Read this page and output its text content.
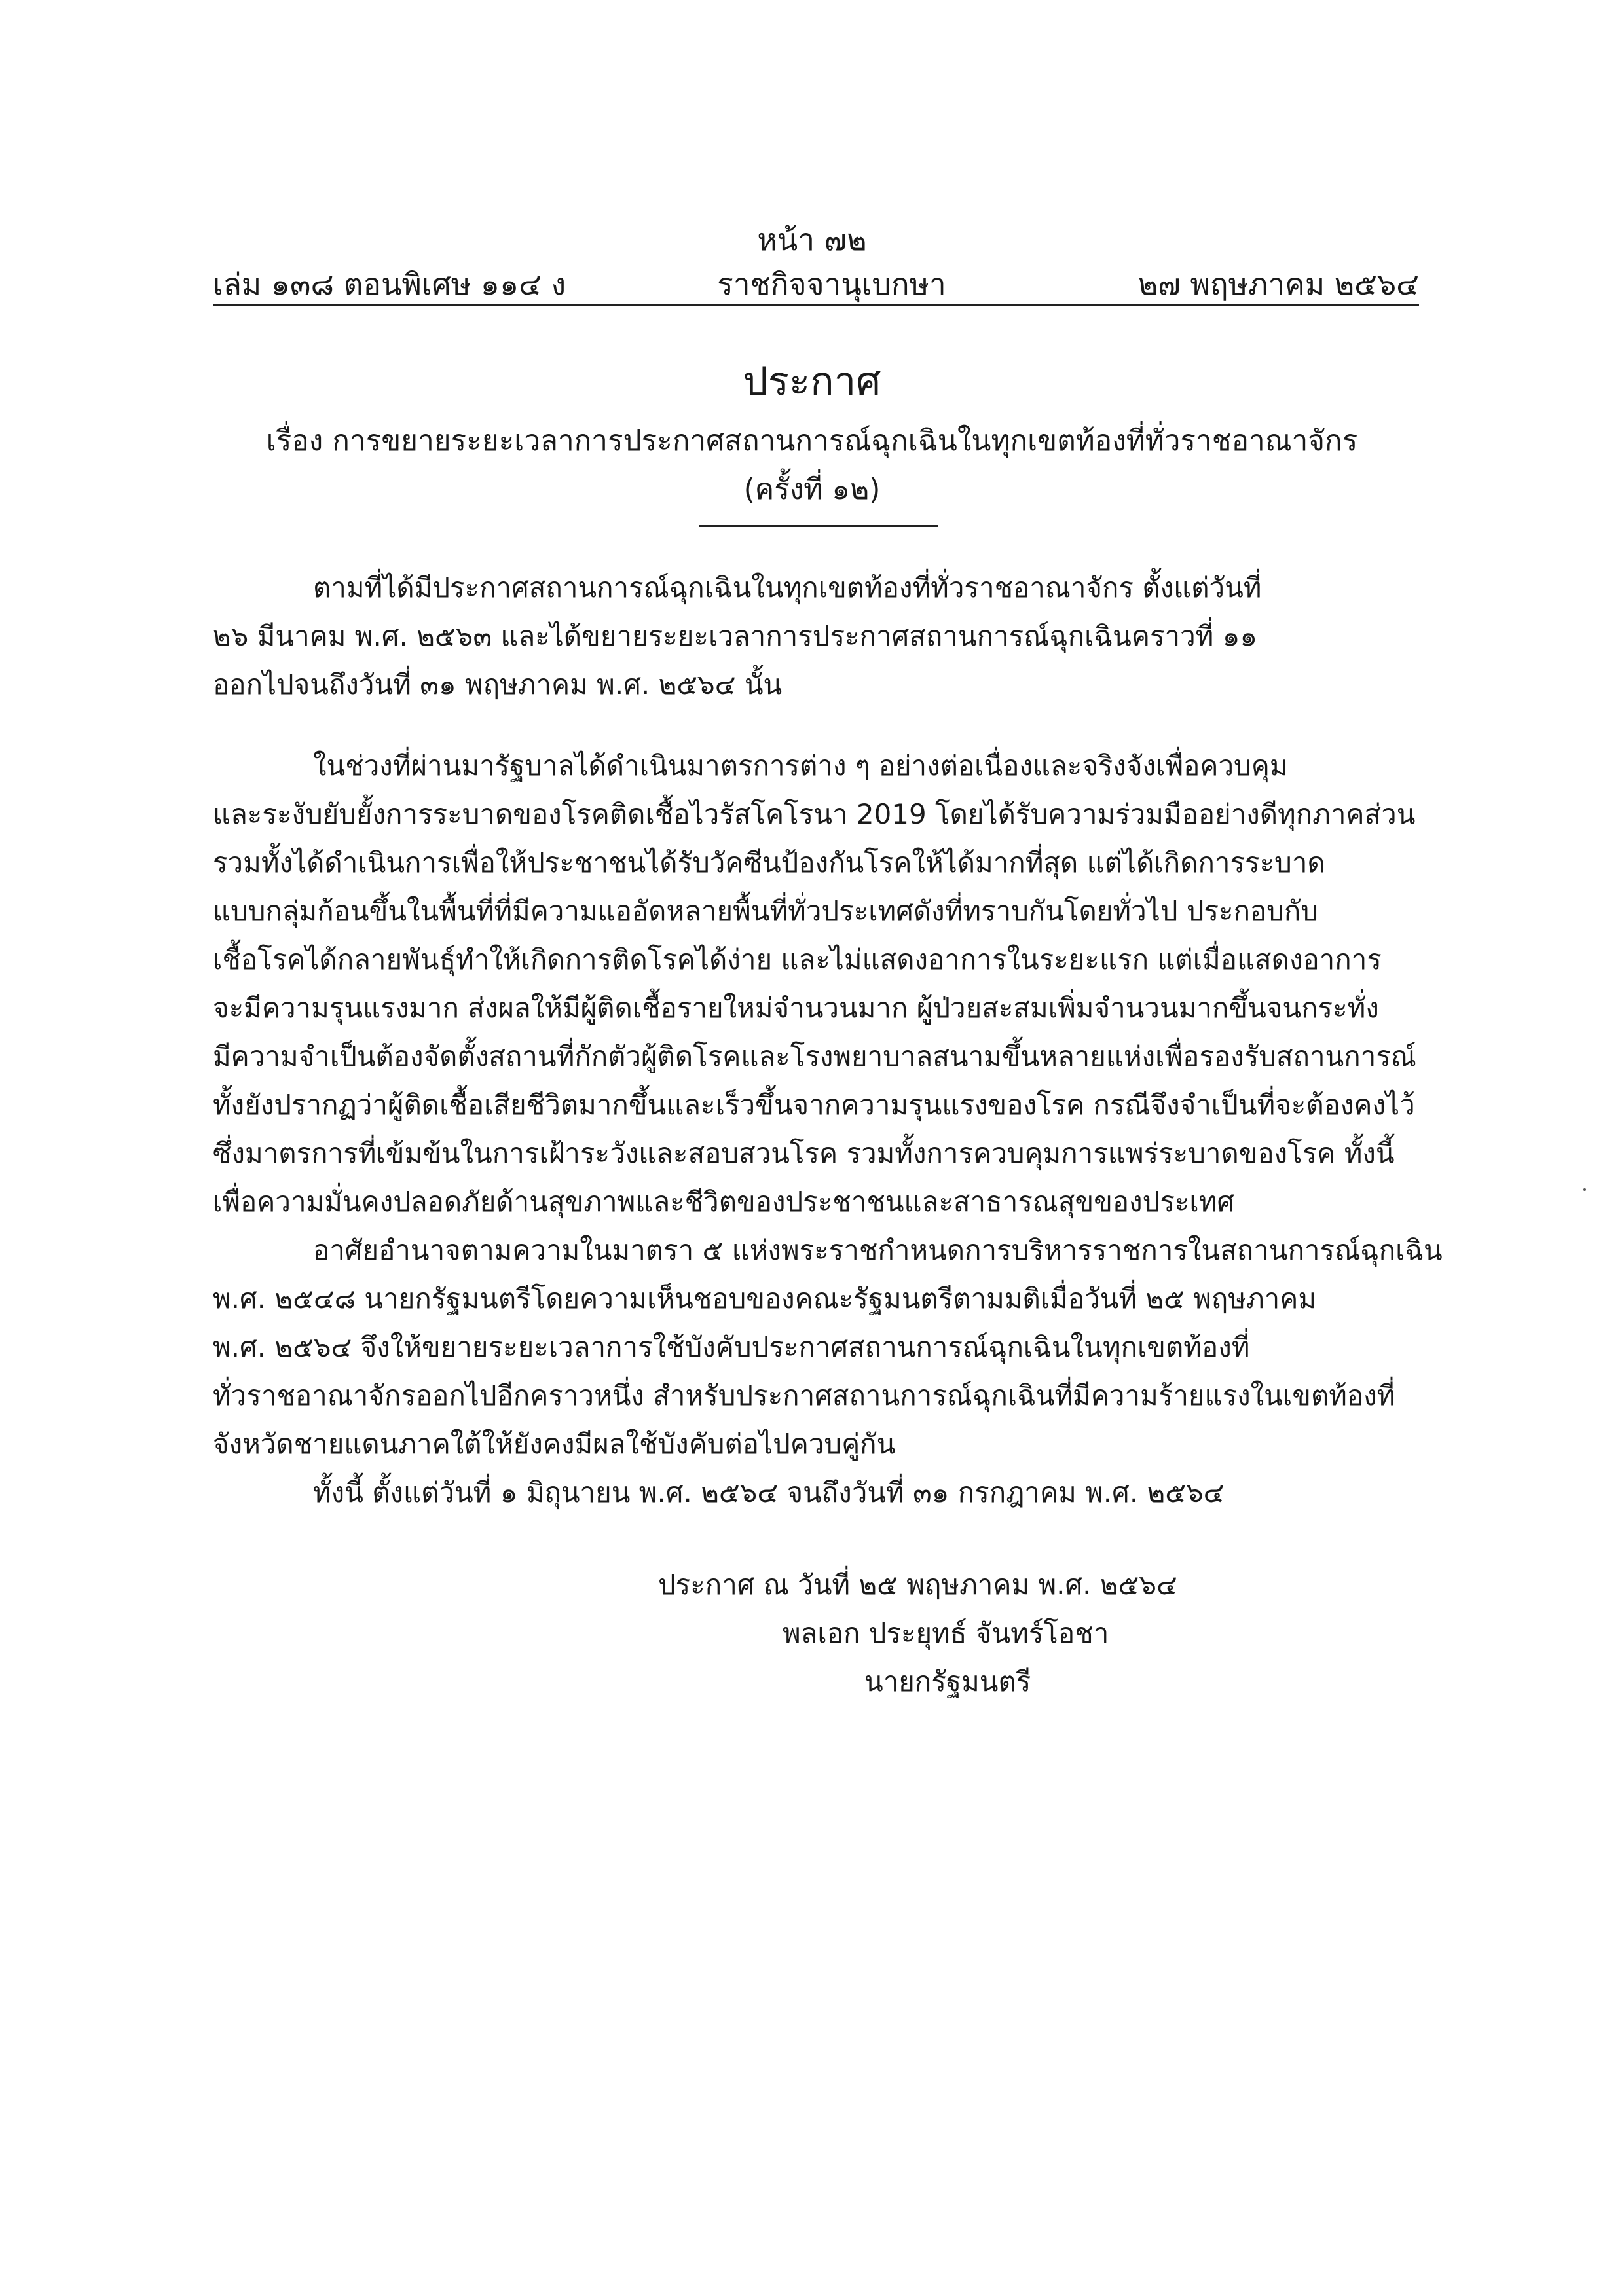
หน้า ๗๒
เล่ม ๑๓๘ ตอนพิเศษ ๑๑๔ ง	ราชกิจจานุเบกษา	๒๗ พฤษภาคม ๒๕๖๔
ประกาศ
เรื่อง การขยายระยะเวลาการประกาศสถานการณ์ฉุกเฉินในทุกเขตท้องที่ทั่วราชอาณาจักร
(ครั้งที่ ๑๒)
ตามที่ได้มีประกาศสถานการณ์ฉุกเฉินในทุกเขตท้องที่ทั่วราชอาณาจักร ตั้งแต่วันที่
๒๖ มีนาคม พ.ศ. ๒๕๖๓ และได้ขยายระยะเวลาการประกาศสถานการณ์ฉุกเฉินคราวที่ ๑๑
ออกไปจนถึงวันที่ ๓๑ พฤษภาคม พ.ศ. ๒๕๖๔ นั้น
ในช่วงที่ผ่านมารัฐบาลได้ดำเนินมาตรการต่าง ๆ อย่างต่อเนื่องและจริงจังเพื่อควบคุม
และระงับยับยั้งการระบาดของโรคติดเชื้อไวรัสโคโรนา 2019 โดยได้รับความร่วมมืออย่างดีทุกภาคส่วน
รวมทั้งได้ดำเนินการเพื่อให้ประชาชนได้รับวัคซีนป้องกันโรคให้ได้มากที่สุด แต่ได้เกิดการระบาด
แบบกลุ่มก้อนขึ้นในพื้นที่ที่มีความแออัดหลายพื้นที่ทั่วประเทศดังที่ทราบกันโดยทั่วไป ประกอบกับ
เชื้อโรคได้กลายพันธุ์ทำให้เกิดการติดโรคได้ง่าย และไม่แสดงอาการในระยะแรก แต่เมื่อแสดงอาการ
จะมีความรุนแรงมาก ส่งผลให้มีผู้ติดเชื้อรายใหม่จำนวนมาก ผู้ป่วยสะสมเพิ่มจำนวนมากขึ้นจนกระทั่ง
มีความจำเป็นต้องจัดตั้งสถานที่กักตัวผู้ติดโรคและโรงพยาบาลสนามขึ้นหลายแห่งเพื่อรองรับสถานการณ์
ทั้งยังปรากฏว่าผู้ติดเชื้อเสียชีวิตมากขึ้นและเร็วขึ้นจากความรุนแรงของโรค กรณีจึงจำเป็นที่จะต้องคงไว้
ซึ่งมาตรการที่เข้มข้นในการเฝ้าระวังและสอบสวนโรค รวมทั้งการควบคุมการแพร่ระบาดของโรค ทั้งนี้
เพื่อความมั่นคงปลอดภัยด้านสุขภาพและชีวิตของประชาชนและสาธารณสุขของประเทศ
อาศัยอำนาจตามความในมาตรา ๕ แห่งพระราชกำหนดการบริหารราชการในสถานการณ์ฉุกเฉิน
พ.ศ. ๒๕๔๘ นายกรัฐมนตรีโดยความเห็นชอบของคณะรัฐมนตรีตามมติเมื่อวันที่ ๒๕ พฤษภาคม
พ.ศ. ๒๕๖๔ จึงให้ขยายระยะเวลาการใช้บังคับประกาศสถานการณ์ฉุกเฉินในทุกเขตท้องที่
ทั่วราชอาณาจักรออกไปอีกคราวหนึ่ง สำหรับประกาศสถานการณ์ฉุกเฉินที่มีความร้ายแรงในเขตท้องที่
จังหวัดชายแดนภาคใต้ให้ยังคงมีผลใช้บังคับต่อไปควบคู่กัน
ทั้งนี้ ตั้งแต่วันที่ ๑ มิถุนายน พ.ศ. ๒๕๖๔ จนถึงวันที่ ๓๑ กรกฎาคม พ.ศ. ๒๕๖๔
ประกาศ ณ วันที่ ๒๕ พฤษภาคม พ.ศ. ๒๕๖๔
พลเอก ประยุทธ์ จันทร์โอชา
นายกรัฐมนตรี
